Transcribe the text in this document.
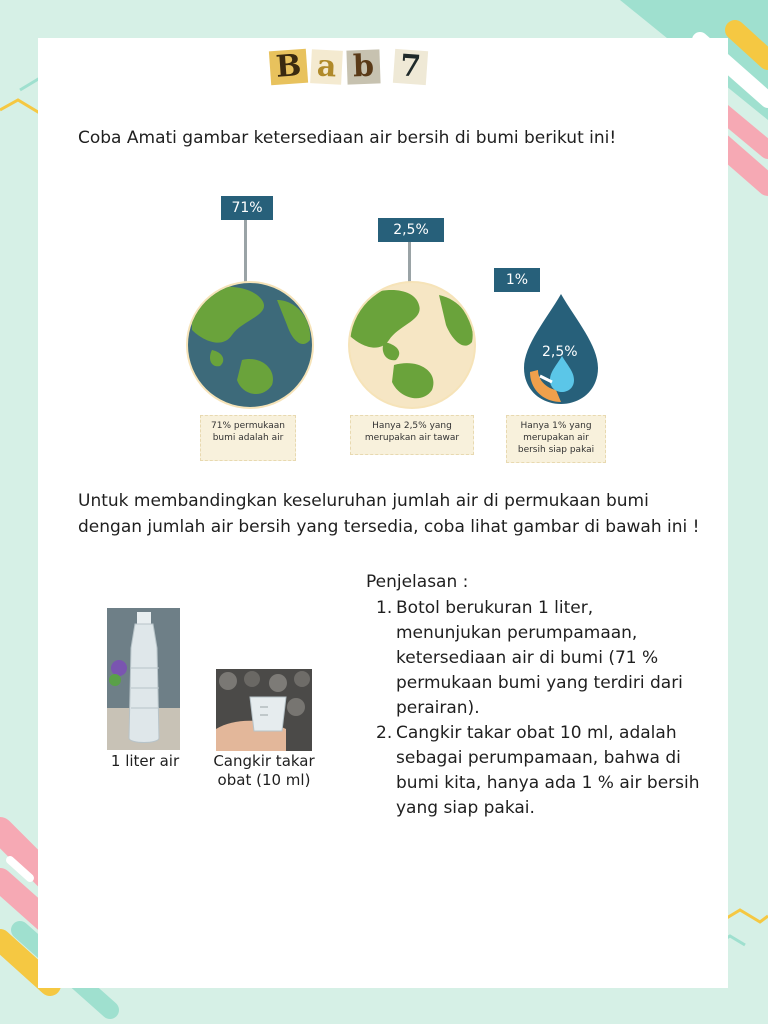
B a b 7
Coba Amati gambar ketersediaan air bersih di bumi berikut ini!
71%
71% permukaan bumi adalah air
2,5%
Hanya 2,5% yang merupakan air tawar
1%
2,5%
Hanya 1% yang merupakan air bersih siap pakai
Untuk membandingkan keseluruhan jumlah air di permukaan bumi dengan jumlah air bersih yang tersedia, coba lihat gambar di bawah ini !
1 liter air	Cangkir takar
obat (10 ml)
Penjelasan :
1. Botol berukuran 1 liter, menunjukan perumpamaan, ketersediaan air di bumi (71 % permukaan bumi yang terdiri dari perairan).
2. Cangkir takar obat 10 ml, adalah sebagai perumpamaan, bahwa di bumi kita, hanya ada 1 % air bersih yang siap pakai.
